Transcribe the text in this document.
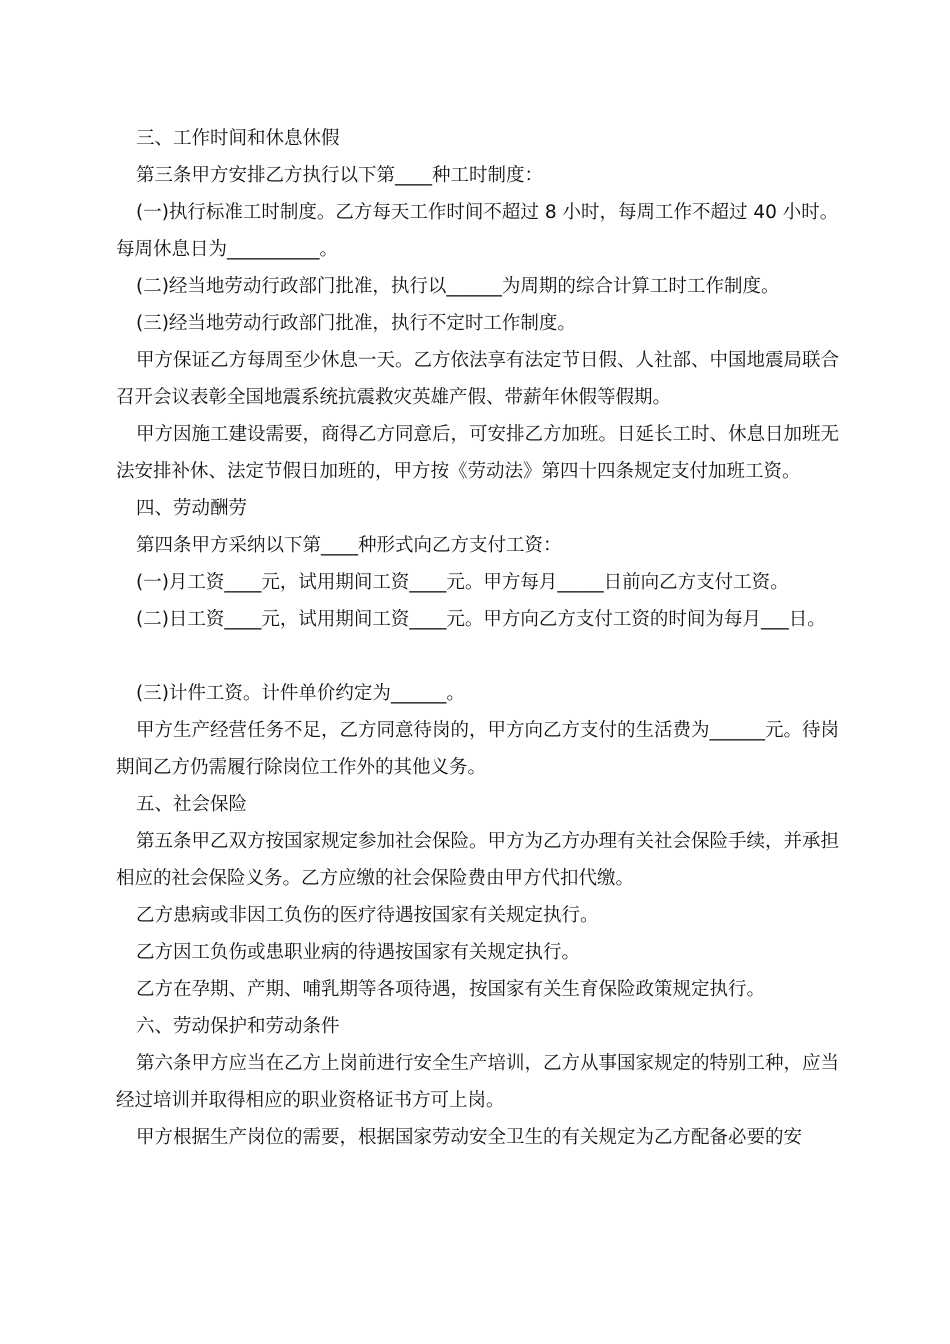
三、工作时间和休息休假

第三条甲方安排乙方执行以下第____种工时制度：

(一)执行标准工时制度。乙方每天工作时间不超过 8 小时，每周工作不超过 40 小时。每周休息日为__________。

(二)经当地劳动行政部门批准，执行以______为周期的综合计算工时工作制度。

(三)经当地劳动行政部门批准，执行不定时工作制度。

甲方保证乙方每周至少休息一天。乙方依法享有法定节日假、人社部、中国地震局联合召开会议表彰全国地震系统抗震救灾英雄产假、带薪年休假等假期。

甲方因施工建设需要，商得乙方同意后，可安排乙方加班。日延长工时、休息日加班无法安排补休、法定节假日加班的，甲方按《劳动法》第四十四条规定支付加班工资。

四、劳动酬劳

第四条甲方采纳以下第____种形式向乙方支付工资：

(一)月工资____元，试用期间工资____元。甲方每月_____日前向乙方支付工资。

(二)日工资____元，试用期间工资____元。甲方向乙方支付工资的时间为每月___日。

(三)计件工资。计件单价约定为______。

甲方生产经营任务不足，乙方同意待岗的，甲方向乙方支付的生活费为______元。待岗期间乙方仍需履行除岗位工作外的其他义务。

五、社会保险

第五条甲乙双方按国家规定参加社会保险。甲方为乙方办理有关社会保险手续，并承担相应的社会保险义务。乙方应缴的社会保险费由甲方代扣代缴。

乙方患病或非因工负伤的医疗待遇按国家有关规定执行。

乙方因工负伤或患职业病的待遇按国家有关规定执行。

乙方在孕期、产期、哺乳期等各项待遇，按国家有关生育保险政策规定执行。

六、劳动保护和劳动条件

第六条甲方应当在乙方上岗前进行安全生产培训，乙方从事国家规定的特别工种，应当经过培训并取得相应的职业资格证书方可上岗。

甲方根据生产岗位的需要，根据国家劳动安全卫生的有关规定为乙方配备必要的安
